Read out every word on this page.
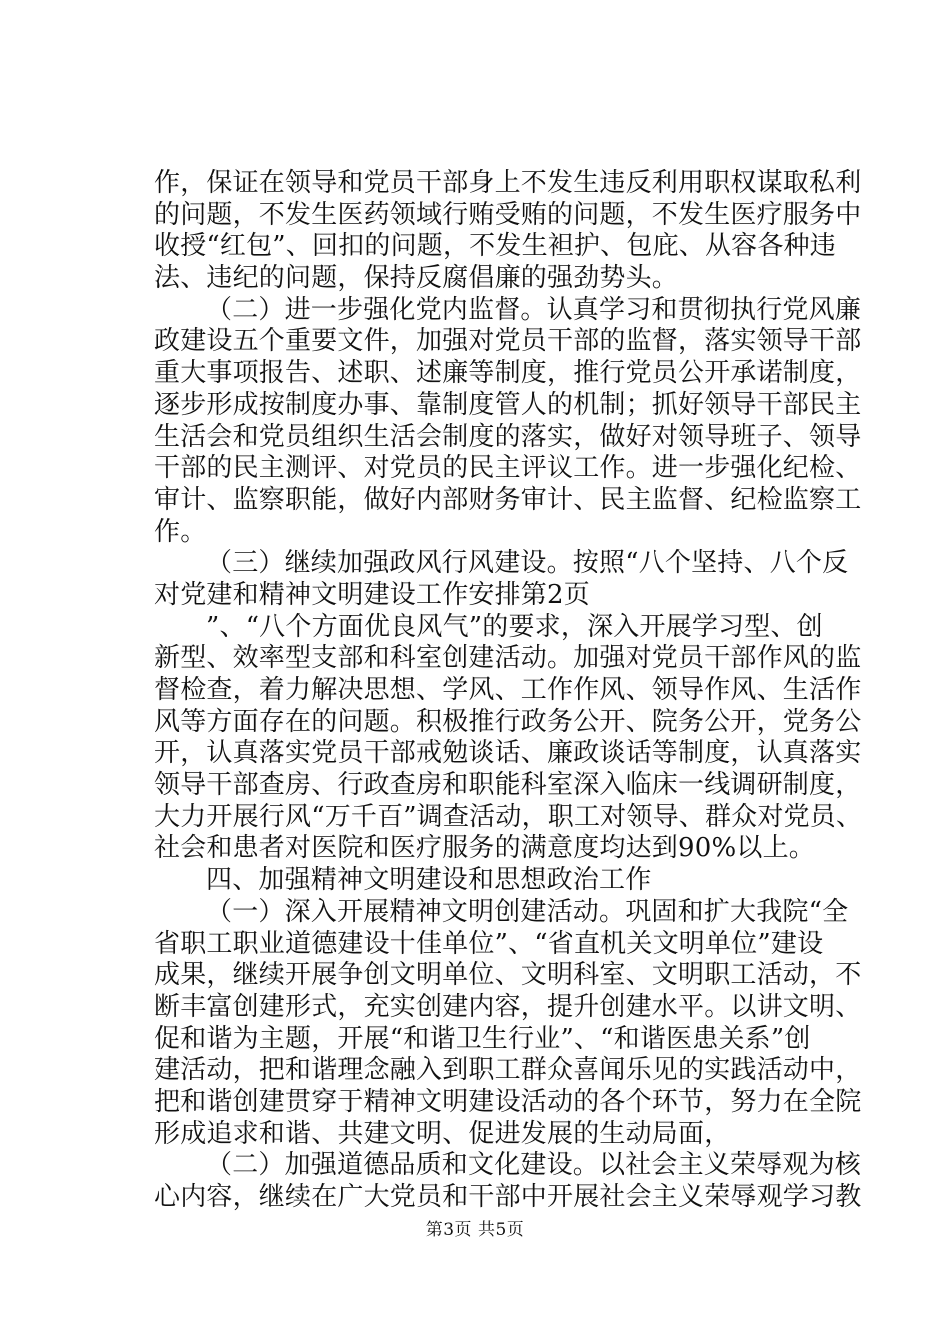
作，保证在领导和党员干部身上不发生违反利用职权谋取私利
的问题，不发生医药领域行贿受贿的问题，不发生医疗服务中
收授“红包”、回扣的问题，不发生袒护、包庇、从容各种违
法、违纪的问题，保持反腐倡廉的强劲势头。
（二）进一步强化党内监督。认真学习和贯彻执行党风廉
政建设五个重要文件，加强对党员干部的监督，落实领导干部
重大事项报告、述职、述廉等制度，推行党员公开承诺制度，
逐步形成按制度办事、靠制度管人的机制；抓好领导干部民主
生活会和党员组织生活会制度的落实，做好对领导班子、领导
干部的民主测评、对党员的民主评议工作。进一步强化纪检、
审计、监察职能，做好内部财务审计、民主监督、纪检监察工
作。
（三）继续加强政风行风建设。按照“八个坚持、八个反
对党建和精神文明建设工作安排第2页
”、“八个方面优良风气”的要求，深入开展学习型、创
新型、效率型支部和科室创建活动。加强对党员干部作风的监
督检查，着力解决思想、学风、工作作风、领导作风、生活作
风等方面存在的问题。积极推行政务公开、院务公开，党务公
开，认真落实党员干部戒勉谈话、廉政谈话等制度，认真落实
领导干部查房、行政查房和职能科室深入临床一线调研制度，
大力开展行风“万千百”调查活动，职工对领导、群众对党员、
社会和患者对医院和医疗服务的满意度均达到90%以上。
四、加强精神文明建设和思想政治工作
（一）深入开展精神文明创建活动。巩固和扩大我院“全
省职工职业道德建设十佳单位”、“省直机关文明单位”建设
成果，继续开展争创文明单位、文明科室、文明职工活动，不
断丰富创建形式，充实创建内容，提升创建水平。以讲文明、
促和谐为主题，开展“和谐卫生行业”、“和谐医患关系”创
建活动，把和谐理念融入到职工群众喜闻乐见的实践活动中，
把和谐创建贯穿于精神文明建设活动的各个环节，努力在全院
形成追求和谐、共建文明、促进发展的生动局面，
（二）加强道德品质和文化建设。以社会主义荣辱观为核
心内容，继续在广大党员和干部中开展社会主义荣辱观学习教
第3页 共5页
